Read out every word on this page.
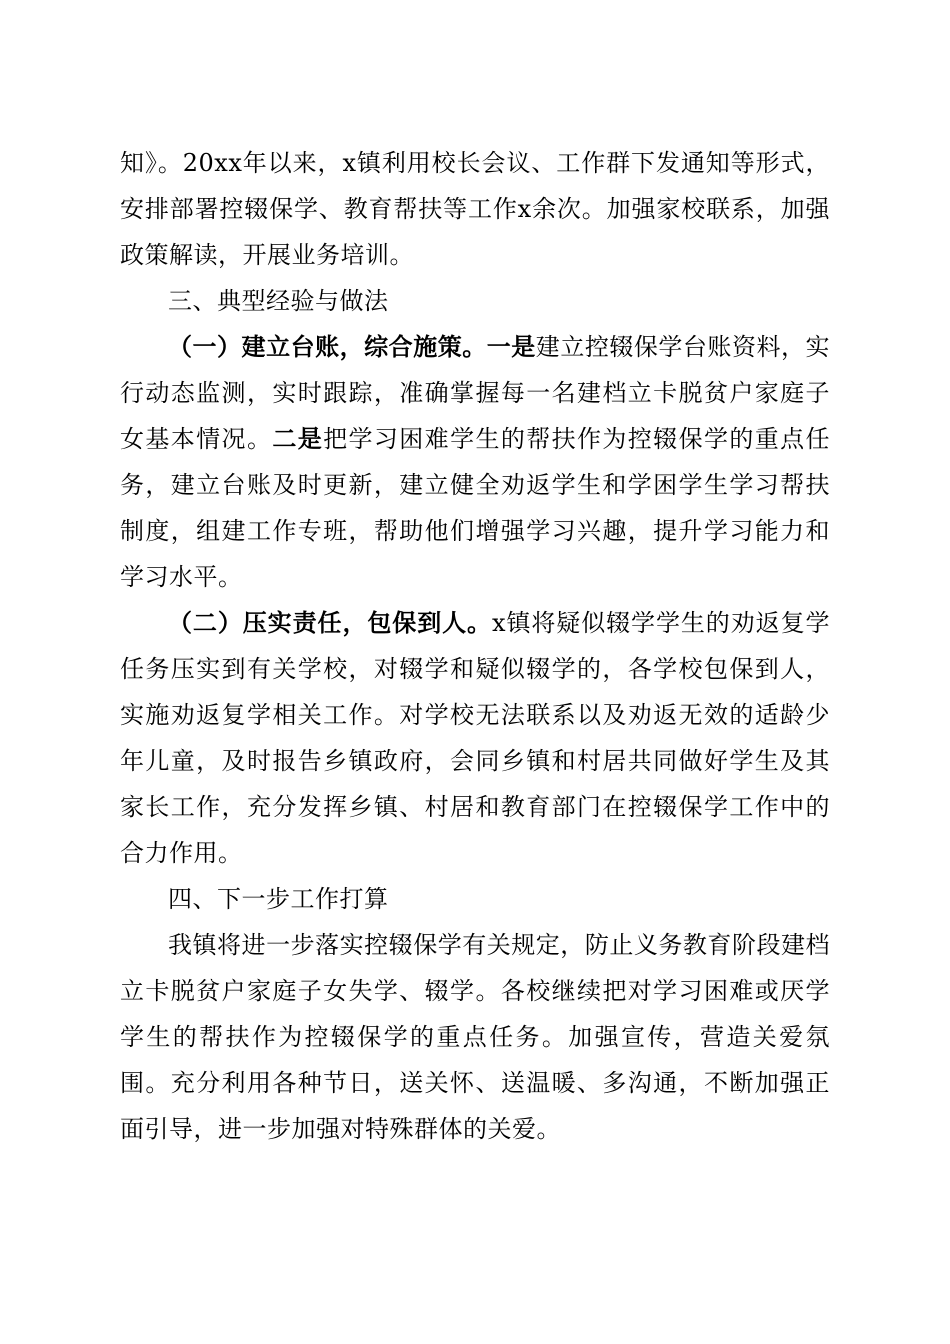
知》。20xx年以来，x镇利用校长会议、工作群下发通知等形式，安排部署控辍保学、教育帮扶等工作x余次。加强家校联系，加强政策解读，开展业务培训。

三、典型经验与做法

（一）建立台账，综合施策。一是建立控辍保学台账资料，实行动态监测，实时跟踪，准确掌握每一名建档立卡脱贫户家庭子女基本情况。二是把学习困难学生的帮扶作为控辍保学的重点任务，建立台账及时更新，建立健全劝返学生和学困学生学习帮扶制度，组建工作专班，帮助他们增强学习兴趣，提升学习能力和学习水平。

（二）压实责任，包保到人。x镇将疑似辍学学生的劝返复学任务压实到有关学校，对辍学和疑似辍学的，各学校包保到人，实施劝返复学相关工作。对学校无法联系以及劝返无效的适龄少年儿童，及时报告乡镇政府，会同乡镇和村居共同做好学生及其家长工作，充分发挥乡镇、村居和教育部门在控辍保学工作中的合力作用。

四、下一步工作打算

我镇将进一步落实控辍保学有关规定，防止义务教育阶段建档立卡脱贫户家庭子女失学、辍学。各校继续把对学习困难或厌学学生的帮扶作为控辍保学的重点任务。加强宣传，营造关爱氛围。充分利用各种节日，送关怀、送温暖、多沟通，不断加强正面引导，进一步加强对特殊群体的关爱。
